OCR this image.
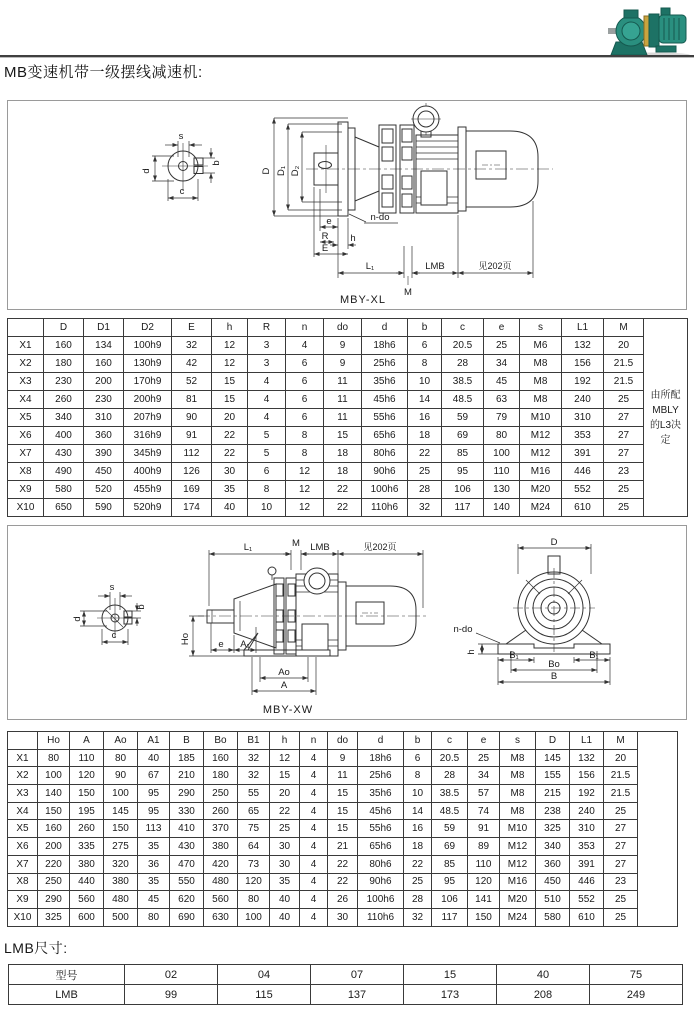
MB变速机带一级摆线减速机:
s
d
b
c
D D₁ D₂
n-do
e
R h
E
L₁	LMB	见202页
M
MBY-XL
	D	D1	D2	E	h	R	n	do	d	b	c	e	s	L1	M	由所配MBLY的L3决定
X1	160	134	100h9	32	12	3	4	9	18h6	6	20.5	25	M6	132	20	
X2	180	160	130h9	42	12	3	6	9	25h6	8	28	34	M8	156	21.5	
X3	230	200	170h9	52	15	4	6	11	35h6	10	38.5	45	M8	192	21.5	
X4	260	230	200h9	81	15	4	6	11	45h6	14	48.5	63	M8	240	25	
X5	340	310	207h9	90	20	4	6	11	55h6	16	59	79	M10	310	27	
X6	400	360	316h9	91	22	5	8	15	65h6	18	69	80	M12	353	27	
X7	430	390	345h9	112	22	5	8	18	80h6	22	85	100	M12	391	27	
X8	490	450	400h9	126	30	6	12	18	90h6	25	95	110	M16	446	23	
X9	580	520	455h9	169	35	8	12	22	100h6	28	106	130	M20	552	25	
X10	650	590	520h9	174	40	10	12	22	110h6	32	117	140	M24	610	25	
s
d
b
c
L₁	M LMB	见202页
Ho	e A₁
Ao
A
D
n-do
h	B₁	B₁
Bo
B
MBY-XW
	Ho	A	Ao	A1	B	Bo	B1	h	n	do	d	b	c	e	s	D	L1	M	
X1	80	110	80	40	185	160	32	12	4	9	18h6	6	20.5	25	M8	145	132	20	
X2	100	120	90	67	210	180	32	15	4	11	25h6	8	28	34	M8	155	156	21.5	
X3	140	150	100	95	290	250	55	20	4	15	35h6	10	38.5	57	M8	215	192	21.5	
X4	150	195	145	95	330	260	65	22	4	15	45h6	14	48.5	74	M8	238	240	25	
X5	160	260	150	113	410	370	75	25	4	15	55h6	16	59	91	M10	325	310	27	
X6	200	335	275	35	430	380	64	30	4	21	65h6	18	69	89	M12	340	353	27	
X7	220	380	320	36	470	420	73	30	4	22	80h6	22	85	110	M12	360	391	27	
X8	250	440	380	35	550	480	120	35	4	22	90h6	25	95	120	M16	450	446	23	
X9	290	560	480	45	620	560	80	40	4	26	100h6	28	106	141	M20	510	552	25	
X10	325	600	500	80	690	630	100	40	4	30	110h6	32	117	150	M24	580	610	25	
LMB尺寸:
型号	02	04	07	15	40	75
LMB	99	115	137	173	208	249
